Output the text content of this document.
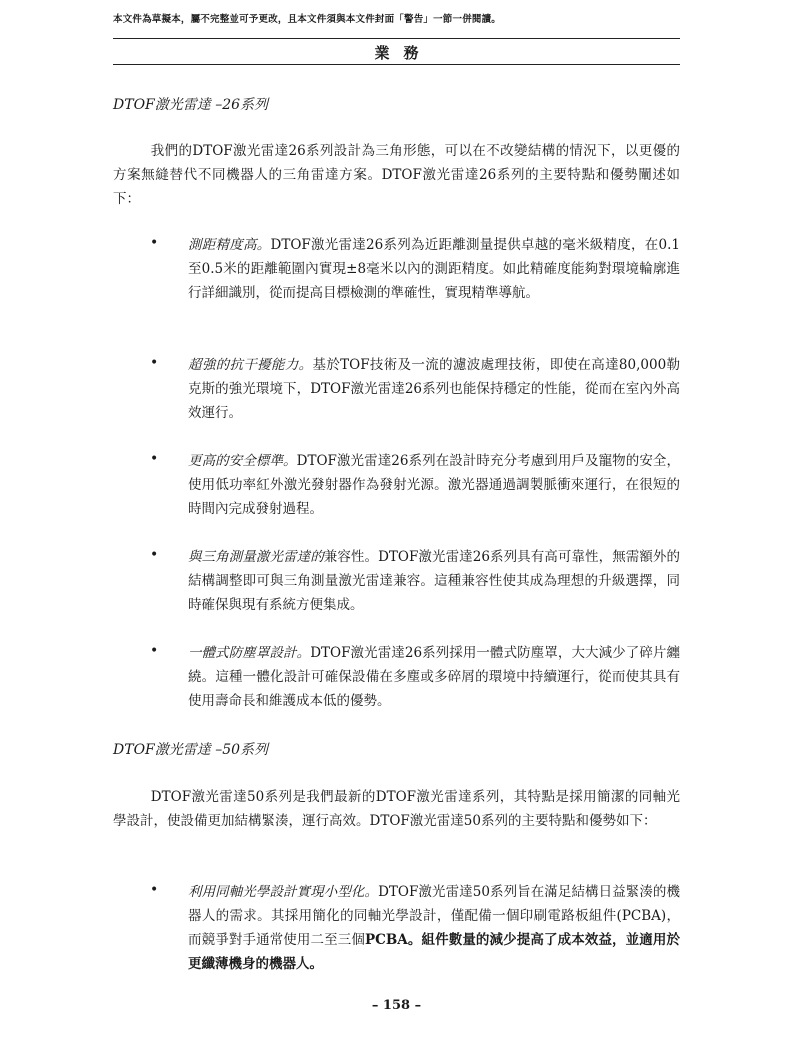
本文件為草擬本，屬不完整並可予更改，且本文件須與本文件封面「警告」一節一併閱讀。
業務
DTOF激光雷達 –26系列
我們的DTOF激光雷達26系列設計為三角形態，可以在不改變結構的情況下，以更優的方案無縫替代不同機器人的三角雷達方案。DTOF激光雷達26系列的主要特點和優勢闡述如下：
• 測距精度高。DTOF激光雷達26系列為近距離測量提供卓越的毫米級精度，在0.1至0.5米的距離範圍內實現±8毫米以內的測距精度。如此精確度能夠對環境輪廓進行詳細識別，從而提高目標檢測的準確性，實現精準導航。
• 超強的抗干擾能力。基於TOF技術及一流的濾波處理技術，即使在高達80,000勒克斯的強光環境下，DTOF激光雷達26系列也能保持穩定的性能，從而在室內外高效運行。
• 更高的安全標準。DTOF激光雷達26系列在設計時充分考慮到用戶及寵物的安全，使用低功率紅外激光發射器作為發射光源。激光器通過調製脈衝來運行，在很短的時間內完成發射過程。
• 與三角測量激光雷達的兼容性。DTOF激光雷達26系列具有高可靠性，無需額外的結構調整即可與三角測量激光雷達兼容。這種兼容性使其成為理想的升級選擇，同時確保與現有系統方便集成。
• 一體式防塵罩設計。DTOF激光雷達26系列採用一體式防塵罩，大大減少了碎片纏繞。這種一體化設計可確保設備在多塵或多碎屑的環境中持續運行，從而使其具有使用壽命長和維護成本低的優勢。
DTOF激光雷達 –50系列
DTOF激光雷達50系列是我們最新的DTOF激光雷達系列，其特點是採用簡潔的同軸光學設計，使設備更加結構緊湊，運行高效。DTOF激光雷達50系列的主要特點和優勢如下：
• 利用同軸光學設計實現小型化。DTOF激光雷達50系列旨在滿足結構日益緊湊的機器人的需求。其採用簡化的同軸光學設計，僅配備一個印刷電路板組件(PCBA)，而競爭對手通常使用二至三個PCBA。組件數量的減少提高了成本效益，並適用於更纖薄機身的機器人。
– 158 –
